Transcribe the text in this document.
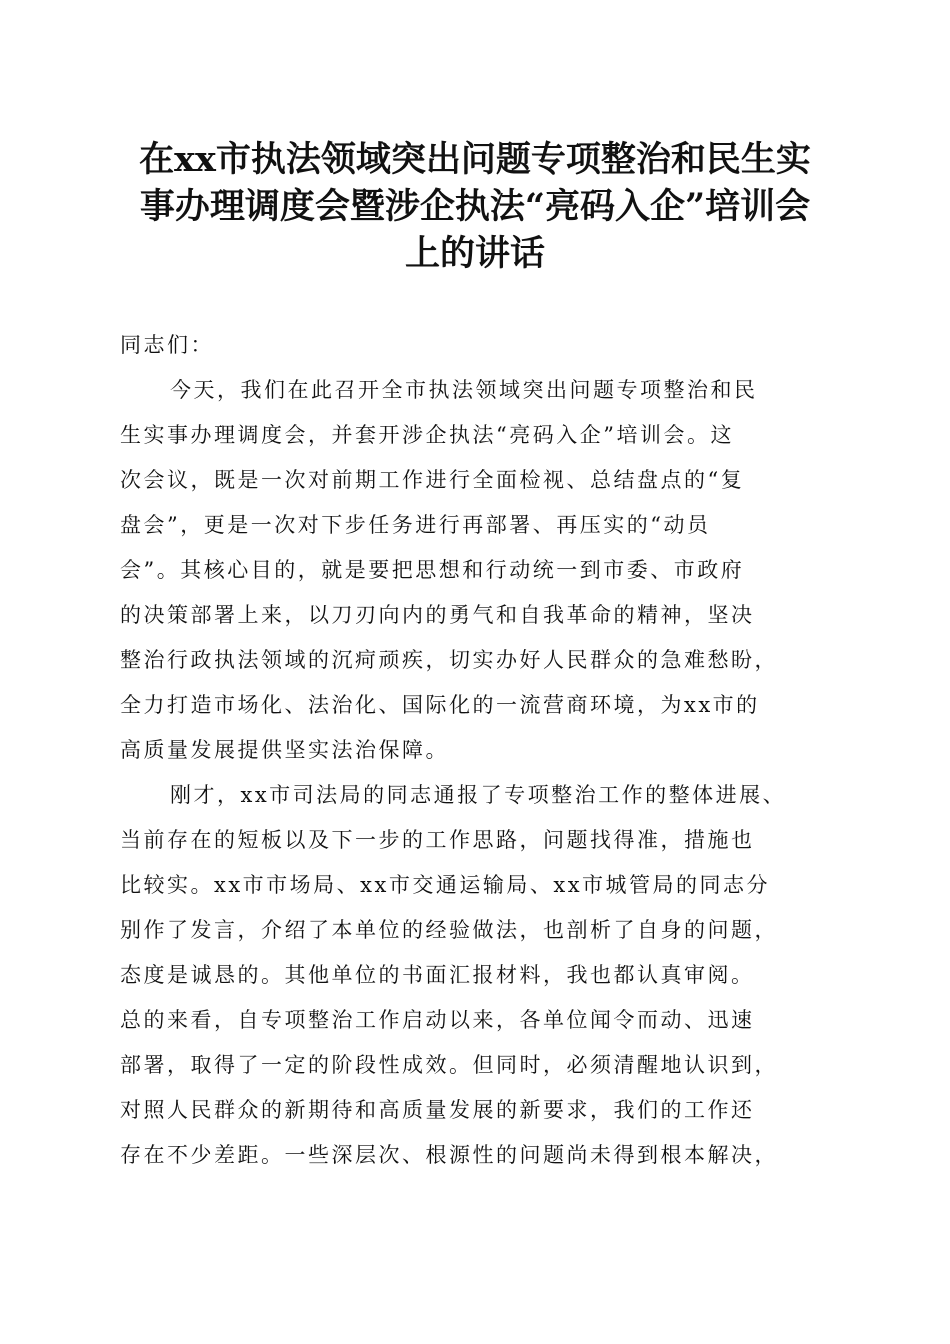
在xx市执法领域突出问题专项整治和民生实
事办理调度会暨涉企执法“亮码入企”培训会
上的讲话
同志们：
今天，我们在此召开全市执法领域突出问题专项整治和民
生实事办理调度会，并套开涉企执法“亮码入企”培训会。这
次会议，既是一次对前期工作进行全面检视、总结盘点的“复
盘会”，更是一次对下步任务进行再部署、再压实的“动员
会”。其核心目的，就是要把思想和行动统一到市委、市政府
的决策部署上来，以刀刃向内的勇气和自我革命的精神，坚决
整治行政执法领域的沉疴顽疾，切实办好人民群众的急难愁盼，
全力打造市场化、法治化、国际化的一流营商环境，为xx市的
高质量发展提供坚实法治保障。
刚才，xx市司法局的同志通报了专项整治工作的整体进展、
当前存在的短板以及下一步的工作思路，问题找得准，措施也
比较实。xx市市场局、xx市交通运输局、xx市城管局的同志分
别作了发言，介绍了本单位的经验做法，也剖析了自身的问题，
态度是诚恳的。其他单位的书面汇报材料，我也都认真审阅。
总的来看，自专项整治工作启动以来，各单位闻令而动、迅速
部署，取得了一定的阶段性成效。但同时，必须清醒地认识到，
对照人民群众的新期待和高质量发展的新要求，我们的工作还
存在不少差距。一些深层次、根源性的问题尚未得到根本解决，
